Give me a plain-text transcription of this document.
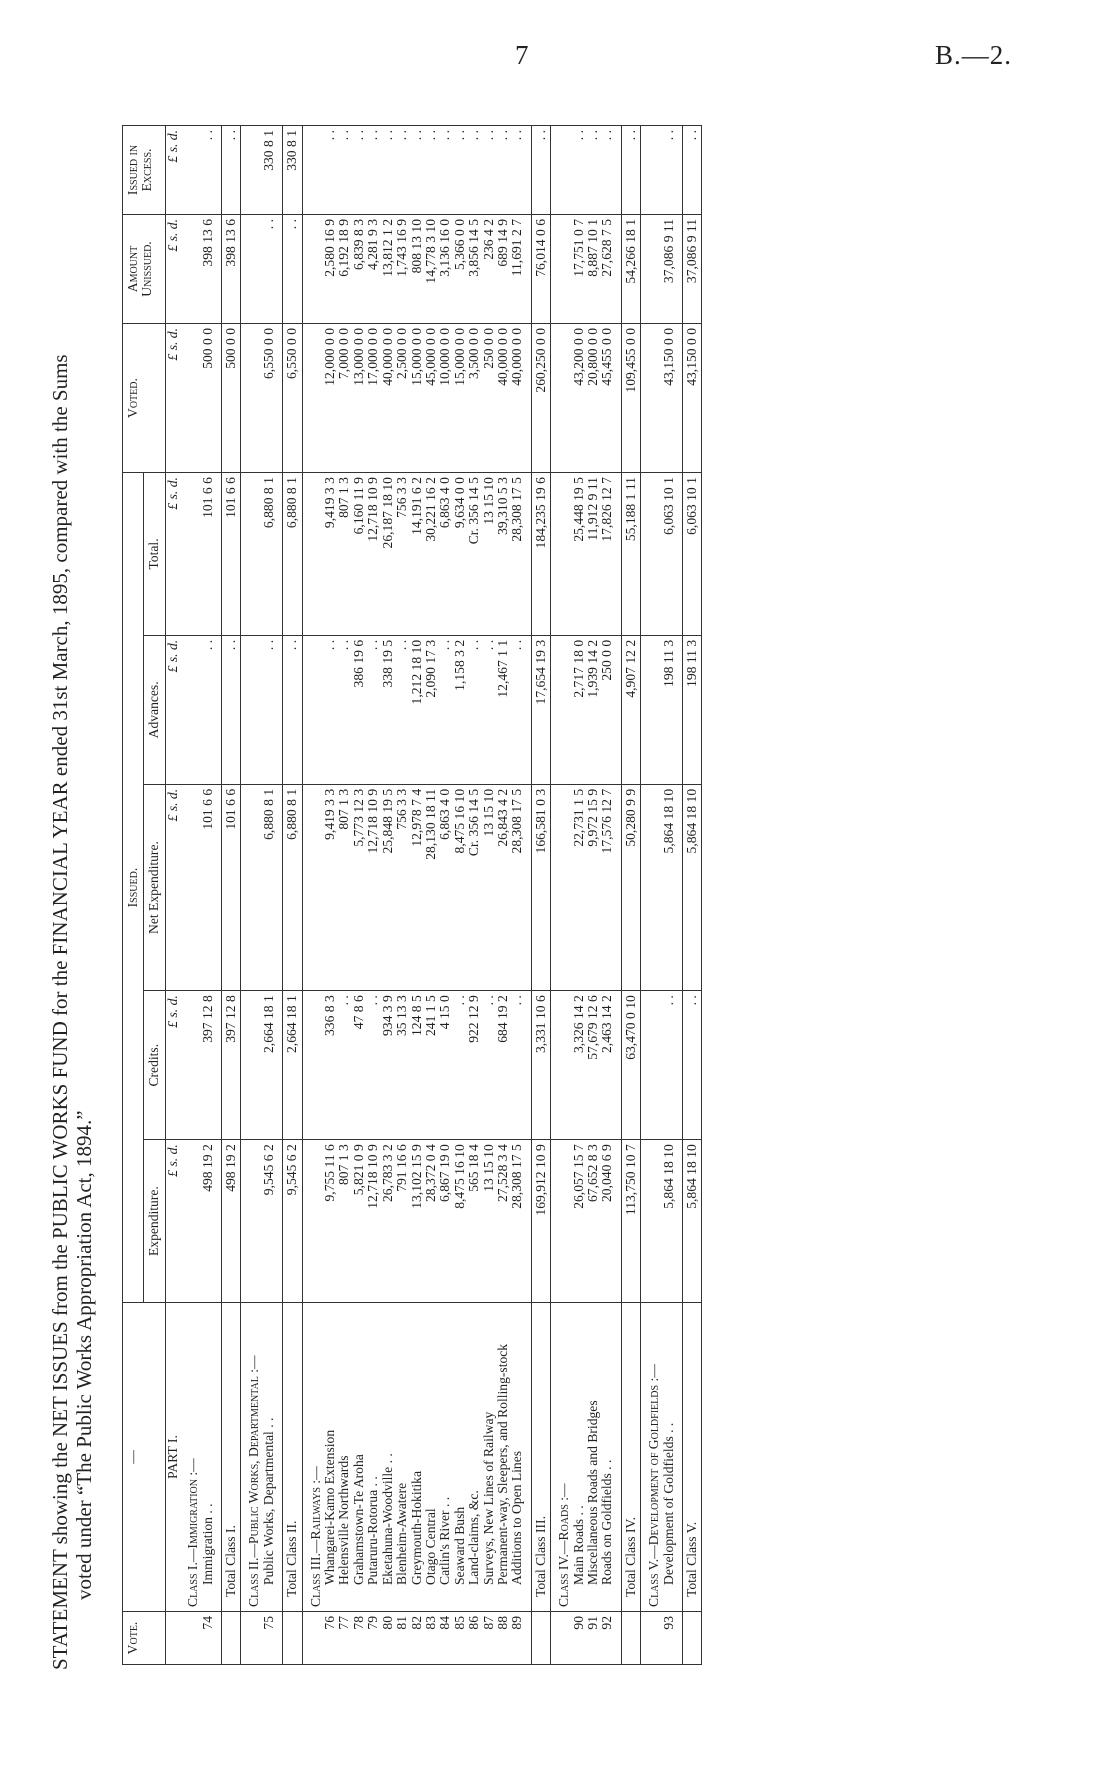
7	B.—2.
STATEMENT showing the NET ISSUES from the PUBLIC WORKS FUND for the FINANCIAL YEAR ended 31st March, 1895, compared with the Sums voted under “The Public Works Appropriation Act, 1894.”
Vote.	—	Issued.					Voted.	Amount Unissued.	Issued in Excess.
		Expenditure.	Credits.	Net Expenditure.	Advances.	Total.			
	PART I.	£ s. d.	£ s. d.	£ s. d.	£ s. d.	£ s. d.	£ s. d.	£ s. d.	£ s. d.

	Class I.—Immigration :—								
74	Immigration . .	498 19 2	397 12 8	101 6 6	. .	101 6 6	500 0 0	398 13 6	. .

	Total Class I.	498 19 2	397 12 8	101 6 6	. .	101 6 6	500 0 0	398 13 6	. .

	Class II.—Public Works, Departmental :—								
75	Public Works, Departmental . .	9,545 6 2	2,664 18 1	6,880 8 1	. .	6,880 8 1	6,550 0 0	. .	330 8 1

	Total Class II.	9,545 6 2	2,664 18 1	6,880 8 1	. .	6,880 8 1	6,550 0 0	. .	330 8 1

	Class III.—Railways :—								
76	Whangarei-Kamo Extension	9,755 11 6	336 8 3	9,419 3 3	. .	9,419 3 3	12,000 0 0	2,580 16 9	. .
77	Helensville Northwards	807 1 3	. .	807 1 3	. .	807 1 3	7,000 0 0	6,192 18 9	. .
78	Grahamstown-Te Aroha	5,821 0 9	47 8 6	5,773 12 3	386 19 6	6,160 11 9	13,000 0 0	6,839 8 3	. .
79	Putaruru-Rotorua . .	12,718 10 9	. .	12,718 10 9	. .	12,718 10 9	17,000 0 0	4,281 9 3	. .
80	Eketahuna-Woodville . .	26,783 3 2	934 3 9	25,848 19 5	338 19 5	26,187 18 10	40,000 0 0	13,812 1 2	. .
81	Blenheim-Awatere	791 16 6	35 13 3	756 3 3	. .	756 3 3	2,500 0 0	1,743 16 9	. .
82	Greymouth-Hokitika	13,102 15 9	124 8 5	12,978 7 4	1,212 18 10	14,191 6 2	15,000 0 0	808 13 10	. .
83	Otago Central	28,372 0 4	241 1 5	28,130 18 11	2,090 17 3	30,221 16 2	45,000 0 0	14,778 3 10	. .
84	Catlin's River . .	6,867 19 0	4 15 0	6,863 4 0	. .	6,863 4 0	10,000 0 0	3,136 16 0	. .
85	Seaward Bush	8,475 16 10	. .	8,475 16 10	1,158 3 2	9,634 0 0	15,000 0 0	5,366 0 0	. .
86	Land-claims, &c.	565 18 4	922 12 9	Cr. 356 14 5	. .	Cr. 356 14 5	3,500 0 0	3,856 14 5	. .
87	Surveys, New Lines of Railway	13 15 10	. .	13 15 10	. .	13 15 10	250 0 0	236 4 2	. .
88	Permanent-way, Sleepers, and Rolling-stock	27,528 3 4	684 19 2	26,843 4 2	12,467 1 1	39,310 5 3	40,000 0 0	689 14 9	. .
89	Additions to Open Lines	28,308 17 5	. .	28,308 17 5	. .	28,308 17 5	40,000 0 0	11,691 2 7	. .

	Total Class III.	169,912 10 9	3,331 10 6	166,581 0 3	17,654 19 3	184,235 19 6	260,250 0 0	76,014 0 6	. .

	Class IV.—Roads :—								
90	Main Roads . .	26,057 15 7	3,326 14 2	22,731 1 5	2,717 18 0	25,448 19 5	43,200 0 0	17,751 0 7	. .
91	Miscellaneous Roads and Bridges	67,652 8 3	57,679 12 6	9,972 15 9	1,939 14 2	11,912 9 11	20,800 0 0	8,887 10 1	. .
92	Roads on Goldfields . .	20,040 6 9	2,463 14 2	17,576 12 7	250 0 0	17,826 12 7	45,455 0 0	27,628 7 5	. .

	Total Class IV.	113,750 10 7	63,470 0 10	50,280 9 9	4,907 12 2	55,188 1 11	109,455 0 0	54,266 18 1	. .

	Class V.—Development of Goldfields :—								
93	Development of Goldfields . .	5,864 18 10	. .	5,864 18 10	198 11 3	6,063 10 1	43,150 0 0	37,086 9 11	. .

	Total Class V.	5,864 18 10	. .	5,864 18 10	198 11 3	6,063 10 1	43,150 0 0	37,086 9 11	. .
